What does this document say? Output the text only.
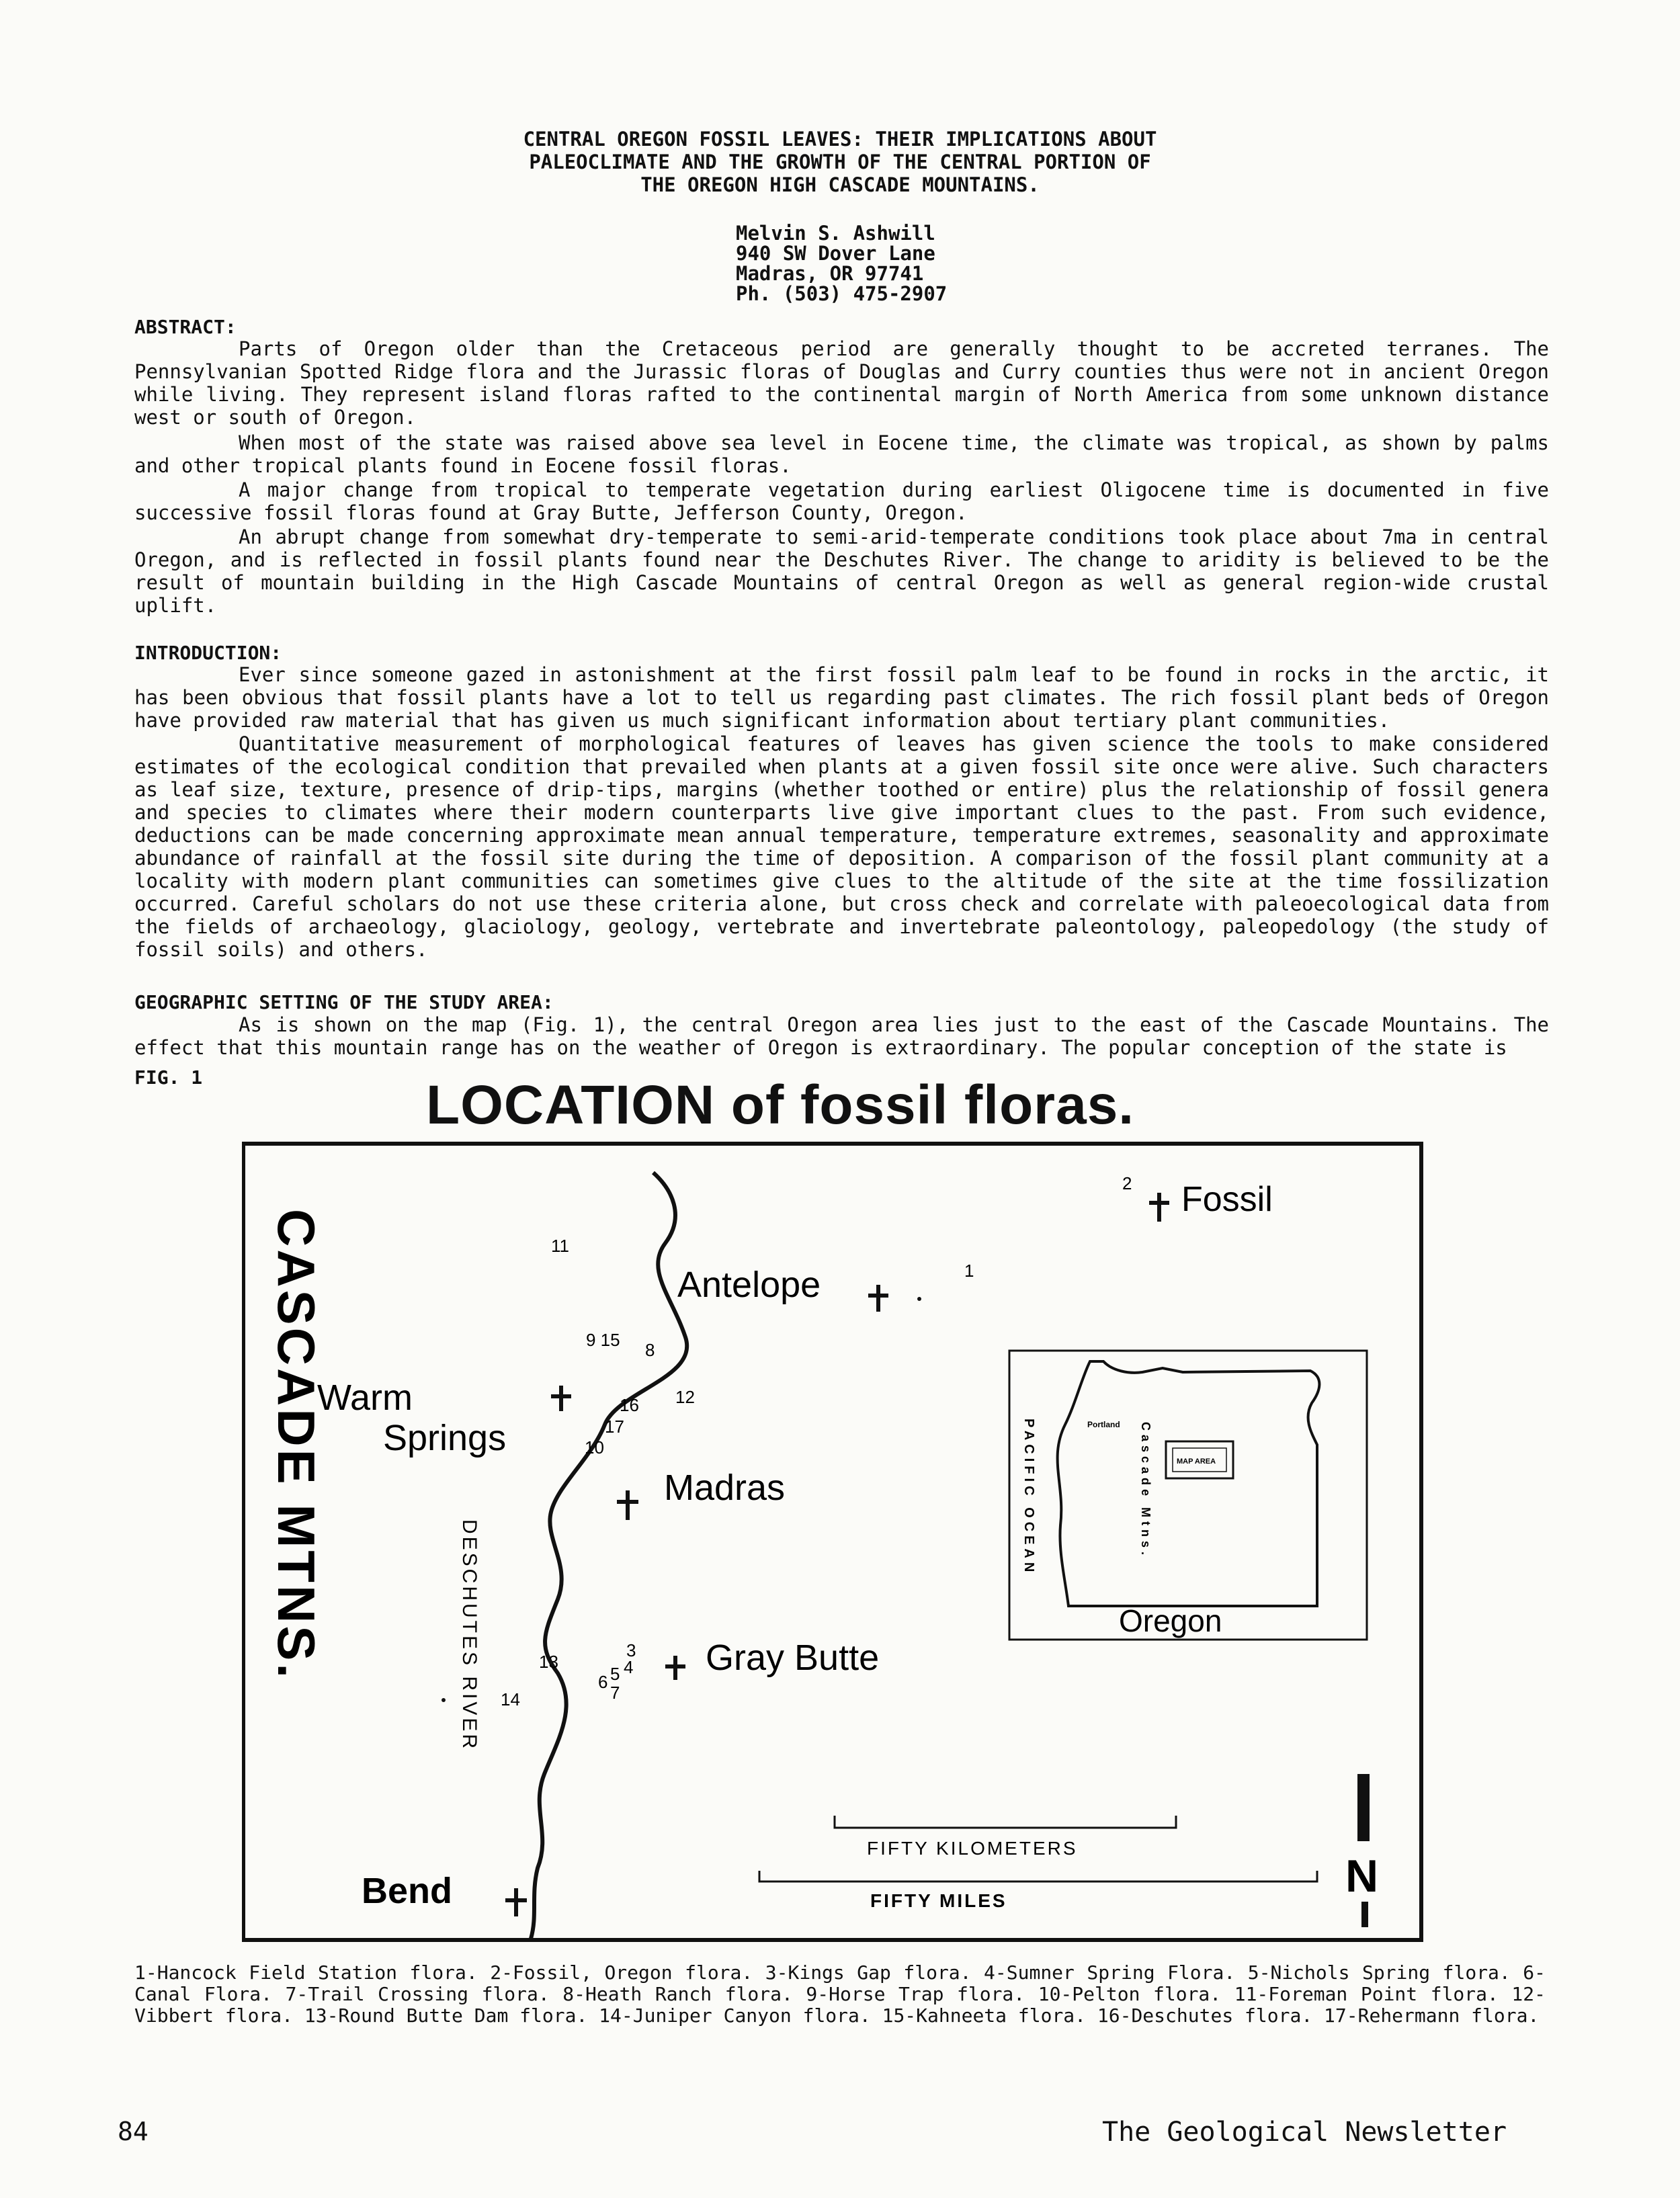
CENTRAL OREGON FOSSIL LEAVES: THEIR IMPLICATIONS ABOUT
PALEOCLIMATE AND THE GROWTH OF THE CENTRAL PORTION OF
THE OREGON HIGH CASCADE MOUNTAINS.
Melvin S. Ashwill
940 SW Dover Lane
Madras, OR 97741
Ph. (503) 475-2907
ABSTRACT:
Parts of Oregon older than the Cretaceous period are generally thought to be accreted terranes. The Pennsylvanian Spotted Ridge flora and the Jurassic floras of Douglas and Curry counties thus were not in ancient Oregon while living. They represent island floras rafted to the continental margin of North America from some unknown distance west or south of Oregon.
When most of the state was raised above sea level in Eocene time, the climate was tropical, as shown by palms and other tropical plants found in Eocene fossil floras.
A major change from tropical to temperate vegetation during earliest Oligocene time is documented in five successive fossil floras found at Gray Butte, Jefferson County, Oregon.
An abrupt change from somewhat dry-temperate to semi-arid-temperate conditions took place about 7ma in central Oregon, and is reflected in fossil plants found near the Deschutes River. The change to aridity is believed to be the result of mountain building in the High Cascade Mountains of central Oregon as well as general region-wide crustal uplift.
INTRODUCTION:
Ever since someone gazed in astonishment at the first fossil palm leaf to be found in rocks in the arctic, it has been obvious that fossil plants have a lot to tell us regarding past climates. The rich fossil plant beds of Oregon have provided raw material that has given us much significant information about tertiary plant communities.
Quantitative measurement of morphological features of leaves has given science the tools to make considered estimates of the ecological condition that prevailed when plants at a given fossil site once were alive. Such characters as leaf size, texture, presence of drip-tips, margins (whether toothed or entire) plus the relationship of fossil genera and species to climates where their modern counterparts live give important clues to the past. From such evidence, deductions can be made concerning approximate mean annual temperature, temperature extremes, seasonality and approximate abundance of rainfall at the fossil site during the time of deposition. A comparison of the fossil plant community at a locality with modern plant communities can sometimes give clues to the altitude of the site at the time fossilization occurred. Careful scholars do not use these criteria alone, but cross check and correlate with paleoecological data from the fields of archaeology, glaciology, geology, vertebrate and invertebrate paleontology, paleopedology (the study of fossil soils) and others.
GEOGRAPHIC SETTING OF THE STUDY AREA:
As is shown on the map (Fig. 1), the central Oregon area lies just to the east of the Cascade Mountains. The effect that this mountain range has on the weather of Oregon is extraordinary. The popular conception of the state is
FIG. 1	LOCATION of fossil floras.
CASCADE MTNS.	DESCHUTES RIVER
Fossil
Antelope
Warm
Springs
Madras
Gray Butte
Bend
1
2
3
4
5
6
7
8
9 15
10
11
12
13
14
16
17
MAP AREA
Portland
PACIFIC OCEAN	Cascade Mtns.
Oregon
FIFTY KILOMETERS
FIFTY MILES	N
1-Hancock Field Station flora. 2-Fossil, Oregon flora. 3-Kings Gap flora. 4-Sumner Spring Flora. 5-Nichols Spring flora. 6- Canal Flora. 7-Trail Crossing flora. 8-Heath Ranch flora. 9-Horse Trap flora. 10-Pelton flora. 11-Foreman Point flora. 12-Vibbert flora. 13-Round Butte Dam flora. 14-Juniper Canyon flora. 15-Kahneeta flora. 16-Deschutes flora. 17-Rehermann flora.
84	The Geological Newsletter
